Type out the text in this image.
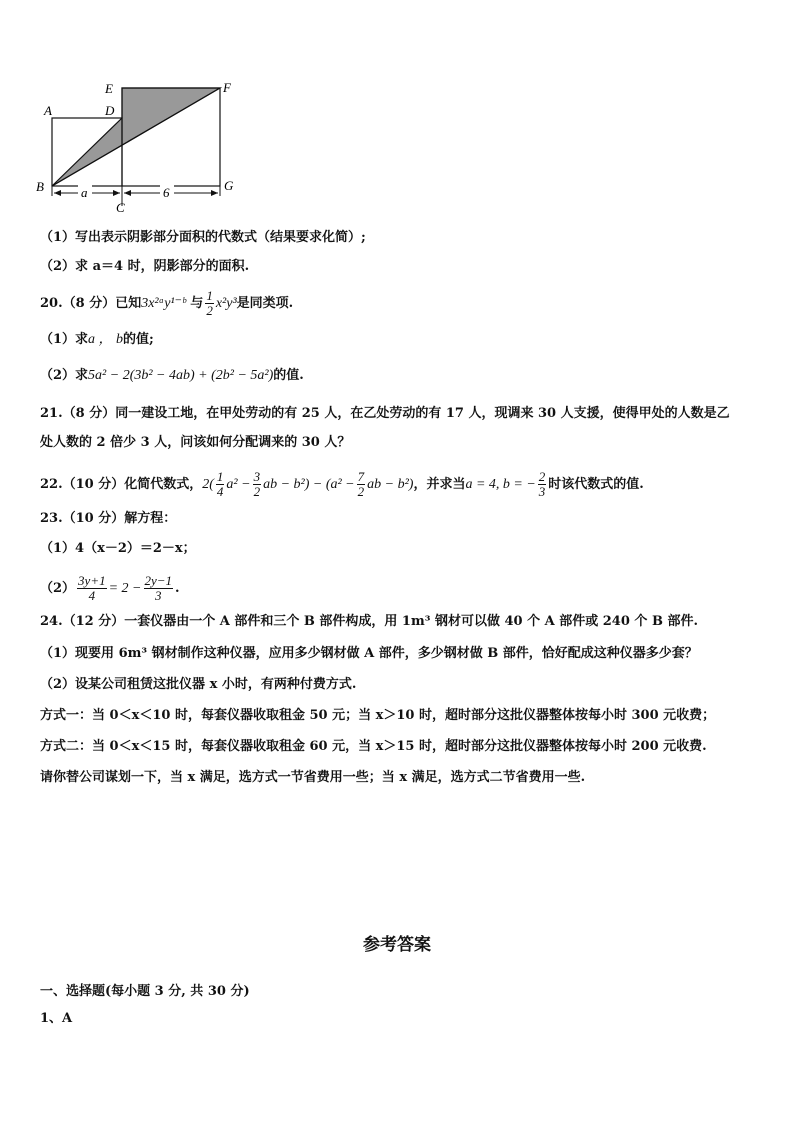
a	6
A
B
C
D
E	F
G
（1）写出表示阴影部分面积的代数式（结果要求化简）;
（2）求 a＝4 时，阴影部分的面积.
20.（8 分）已知3x²ᵃy¹⁻ᵇ 与 $\frac{1}{2} x^2y^3$是同类项.
（1）求a ， b的值;
（2）求5a² − 2(3b² − 4ab) + (2b² − 5a²)的值.
21.（8 分）同一建设工地，在甲处劳动的有 25 人，在乙处劳动的有 17 人，现调来 30 人支援，使得甲处的人数是乙
处人数的 2 倍少 3 人，问该如何分配调来的 30 人？
22.（10 分）化简代数式，$2( \frac{1}{4} a^2 - \frac{3}{2}$ ab − $b^2) - (a^2 - \frac{7}{2}$ ab − b²)，并求当a = 4, b = − $\frac{2}{3}$ 时该代数式的值.
23.（10 分）解方程：
（1）4（x－2）＝2－x；
$(2) \frac{3y+1}{4} = 2 - \frac{2y-1}{3}$ .
24.（12 分）一套仪器由一个 A 部件和三个 B 部件构成，用 1m³ 钢材可以做 40 个 A 部件或 240 个 B 部件.
（1）现要用 6m³ 钢材制作这种仪器，应用多少钢材做 A 部件，多少钢材做 B 部件，恰好配成这种仪器多少套？
（2）设某公司租赁这批仪器 x 小时，有两种付费方式.
方式一：当 0＜x＜10 时，每套仪器收取租金 50 元；当 x＞10 时，超时部分这批仪器整体按每小时 300 元收费；
方式二：当 0＜x＜15 时，每套仪器收取租金 60 元，当 x＞15 时，超时部分这批仪器整体按每小时 200 元收费.
请你替公司谋划一下，当 x 满足，选方式一节省费用一些；当 x 满足，选方式二节省费用一些.
参考答案
一、选择题(每小题 3 分, 共 30 分)
1、A
